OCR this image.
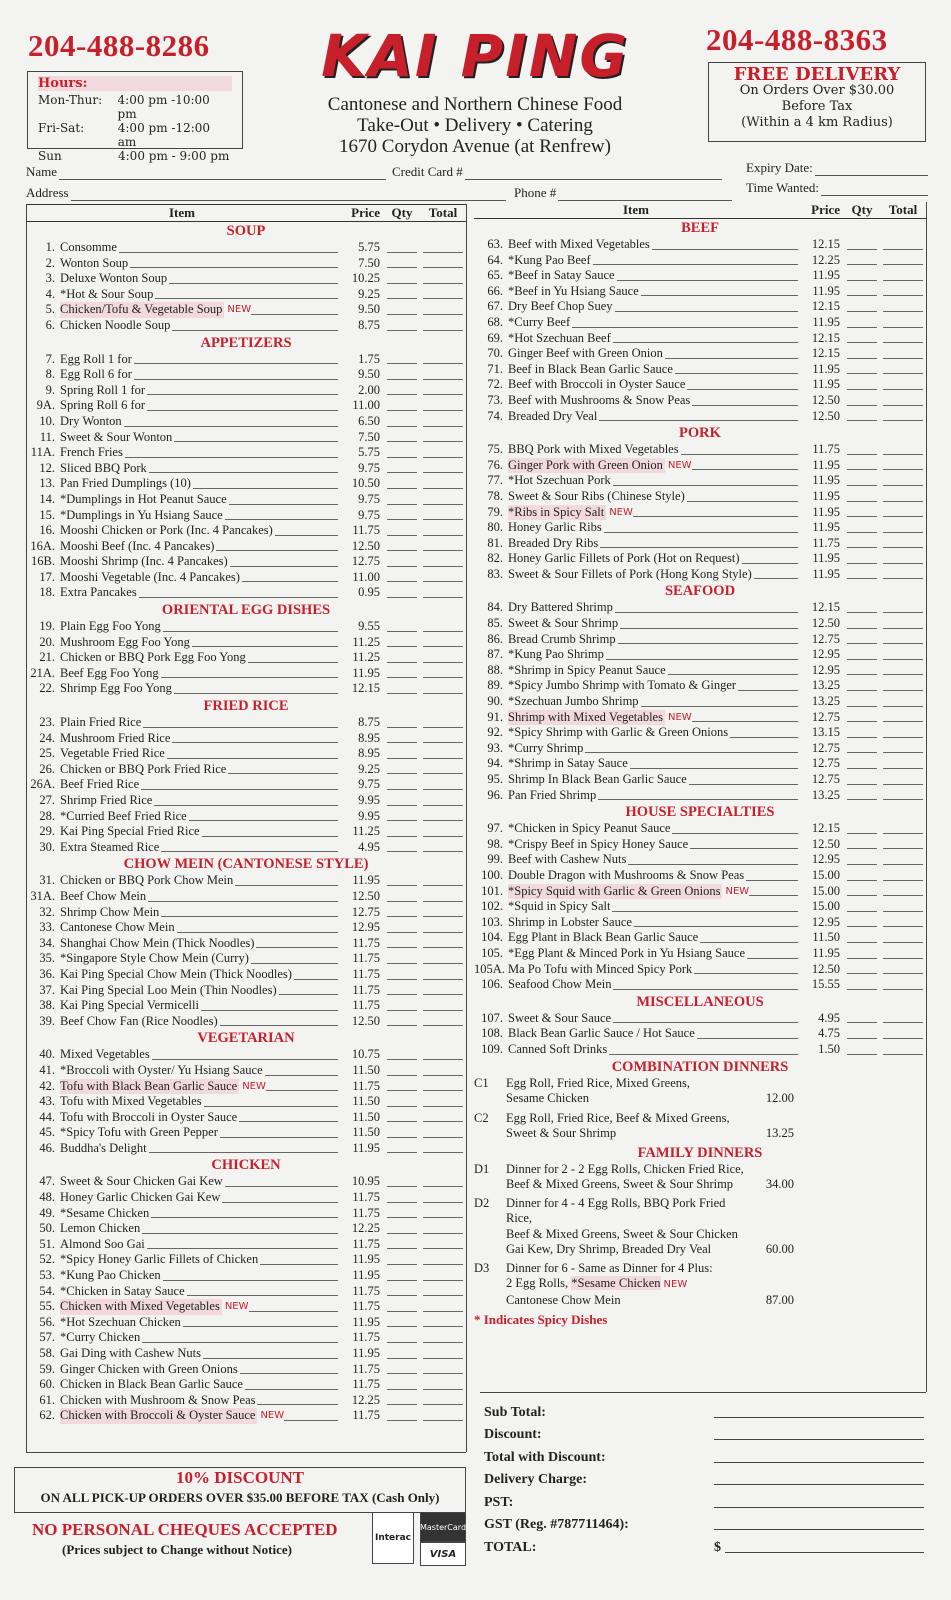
204-488-8286	204-488-8363
Hours:
Mon-Thur:	4:00 pm -10:00 pm
Fri-Sat:	4:00 pm -12:00 am
Sun	4:00 pm - 9:00 pm
KAI PING
Cantonese and Northern Chinese Food
Take-Out • Delivery • Catering
1670 Corydon Avenue (at Renfrew)
FREE DELIVERY
On Orders Over $30.00
Before Tax
(Within a 4 km Radius)
Name	Credit Card #	Expiry Date:
Address	Phone #	Time Wanted:
Item	Price Qty	Total
SOUP
1. Consomme	5.75
2. Wonton Soup	7.50
3. Deluxe Wonton Soup	10.25
4. *Hot & Sour Soup	9.25
5. Chicken/Tofu & Vegetable Soup NEW	9.50
6. Chicken Noodle Soup	8.75
APPETIZERS
7. Egg Roll 1 for	1.75
8. Egg Roll 6 for	9.50
9. Spring Roll 1 for	2.00
9A. Spring Roll 6 for	11.00
10. Dry Wonton	6.50
11. Sweet & Sour Wonton	7.50
11A. French Fries	5.75
12. Sliced BBQ Pork	9.75
13. Pan Fried Dumplings (10)	10.50
14. *Dumplings in Hot Peanut Sauce	9.75
15. *Dumplings in Yu Hsiang Sauce	9.75
16. Mooshi Chicken or Pork (Inc. 4 Pancakes)	11.75
16A. Mooshi Beef (Inc. 4 Pancakes)	12.50
16B. Mooshi Shrimp (Inc. 4 Pancakes)	12.75
17. Mooshi Vegetable (Inc. 4 Pancakes)	11.00
18. Extra Pancakes	0.95
ORIENTAL EGG DISHES
19. Plain Egg Foo Yong	9.55
20. Mushroom Egg Foo Yong	11.25
21. Chicken or BBQ Pork Egg Foo Yong	11.25
21A. Beef Egg Foo Yong	11.95
22. Shrimp Egg Foo Yong	12.15
FRIED RICE
23. Plain Fried Rice	8.75
24. Mushroom Fried Rice	8.95
25. Vegetable Fried Rice	8.95
26. Chicken or BBQ Pork Fried Rice	9.25
26A. Beef Fried Rice	9.75
27. Shrimp Fried Rice	9.95
28. *Curried Beef Fried Rice	9.95
29. Kai Ping Special Fried Rice	11.25
30. Extra Steamed Rice	4.95
CHOW MEIN (CANTONESE STYLE)
31. Chicken or BBQ Pork Chow Mein	11.95
31A. Beef Chow Mein	12.50
32. Shrimp Chow Mein	12.75
33. Cantonese Chow Mein	12.95
34. Shanghai Chow Mein (Thick Noodles)	11.75
35. *Singapore Style Chow Mein (Curry)	11.75
36. Kai Ping Special Chow Mein (Thick Noodles)	11.75
37. Kai Ping Special Loo Mein (Thin Noodles)	11.75
38. Kai Ping Special Vermicelli	11.75
39. Beef Chow Fan (Rice Noodles)	12.50
VEGETARIAN
40. Mixed Vegetables	10.75
41. *Broccoli with Oyster/ Yu Hsiang Sauce	11.50
42. Tofu with Black Bean Garlic Sauce NEW	11.75
43. Tofu with Mixed Vegetables	11.50
44. Tofu with Broccoli in Oyster Sauce	11.50
45. *Spicy Tofu with Green Pepper	11.50
46. Buddha's Delight	11.95
CHICKEN
47. Sweet & Sour Chicken Gai Kew	10.95
48. Honey Garlic Chicken Gai Kew	11.75
49. *Sesame Chicken	11.75
50. Lemon Chicken	12.25
51. Almond Soo Gai	11.75
52. *Spicy Honey Garlic Fillets of Chicken	11.95
53. *Kung Pao Chicken	11.95
54. *Chicken in Satay Sauce	11.75
55. Chicken with Mixed Vegetables NEW	11.75
56. *Hot Szechuan Chicken	11.95
57. *Curry Chicken	11.75
58. Gai Ding with Cashew Nuts	11.95
59. Ginger Chicken with Green Onions	11.75
60. Chicken in Black Bean Garlic Sauce	11.75
61. Chicken with Mushroom & Snow Peas	12.25
62. Chicken with Broccoli & Oyster Sauce NEW	11.75
Item	Price Qty	Total
BEEF
63. Beef with Mixed Vegetables	12.15
64. *Kung Pao Beef	12.25
65. *Beef in Satay Sauce	11.95
66. *Beef in Yu Hsiang Sauce	11.95
67. Dry Beef Chop Suey	12.15
68. *Curry Beef	11.95
69. *Hot Szechuan Beef	12.15
70. Ginger Beef with Green Onion	12.15
71. Beef in Black Bean Garlic Sauce	11.95
72. Beef with Broccoli in Oyster Sauce	11.95
73. Beef with Mushrooms & Snow Peas	12.50
74. Breaded Dry Veal	12.50
PORK
75. BBQ Pork with Mixed Vegetables	11.75
76. Ginger Pork with Green Onion NEW	11.95
77. *Hot Szechuan Pork	11.95
78. Sweet & Sour Ribs (Chinese Style)	11.95
79. *Ribs in Spicy Salt NEW	11.95
80. Honey Garlic Ribs	11.95
81. Breaded Dry Ribs	11.75
82. Honey Garlic Fillets of Pork (Hot on Request)	11.95
83. Sweet & Sour Fillets of Pork (Hong Kong Style)	11.95
SEAFOOD
84. Dry Battered Shrimp	12.15
85. Sweet & Sour Shrimp	12.50
86. Bread Crumb Shrimp	12.75
87. *Kung Pao Shrimp	12.95
88. *Shrimp in Spicy Peanut Sauce	12.95
89. *Spicy Jumbo Shrimp with Tomato & Ginger	13.25
90. *Szechuan Jumbo Shrimp	13.25
91. Shrimp with Mixed Vegetables NEW	12.75
92. *Spicy Shrimp with Garlic & Green Onions	13.15
93. *Curry Shrimp	12.75
94. *Shrimp in Satay Sauce	12.75
95. Shrimp In Black Bean Garlic Sauce	12.75
96. Pan Fried Shrimp	13.25
HOUSE SPECIALTIES
97. *Chicken in Spicy Peanut Sauce	12.15
98. *Crispy Beef in Spicy Honey Sauce	12.50
99. Beef with Cashew Nuts	12.95
100. Double Dragon with Mushrooms & Snow Peas	15.00
101. *Spicy Squid with Garlic & Green Onions NEW	15.00
102. *Squid in Spicy Salt	15.00
103. Shrimp in Lobster Sauce	12.95
104. Egg Plant in Black Bean Garlic Sauce	11.50
105. *Egg Plant & Minced Pork in Yu Hsiang Sauce	11.95
105A. Ma Po Tofu with Minced Spicy Pork	12.50
106. Seafood Chow Mein	15.55
MISCELLANEOUS
107. Sweet & Sour Sauce	4.95
108. Black Bean Garlic Sauce / Hot Sauce	4.75
109. Canned Soft Drinks	1.50
COMBINATION DINNERS
C1	Egg Roll, Fried Rice, Mixed Greens,
Sesame Chicken	12.00
C2	Egg Roll, Fried Rice, Beef & Mixed Greens,
Sweet & Sour Shrimp	13.25
FAMILY DINNERS
D1	Dinner for 2 - 2 Egg Rolls, Chicken Fried Rice,
Beef & Mixed Greens, Sweet & Sour Shrimp	34.00
D2	Dinner for 4 - 4 Egg Rolls, BBQ Pork Fried Rice,
Beef & Mixed Greens, Sweet & Sour Chicken
Gai Kew, Dry Shrimp, Breaded Dry Veal	60.00
D3	Dinner for 6 - Same as Dinner for 4 Plus:
2 Egg Rolls, *Sesame Chicken NEW
Cantonese Chow Mein	87.00
* Indicates Spicy Dishes
Sub Total:
Discount:
Total with Discount:
Delivery Charge:
PST:
GST (Reg. #787711464):
TOTAL:	$
10% DISCOUNT
ON ALL PICK-UP ORDERS OVER $35.00 BEFORE TAX (Cash Only)
NO PERSONAL CHEQUES ACCEPTED
(Prices subject to Change without Notice)
Interac
MasterCard
VISA
